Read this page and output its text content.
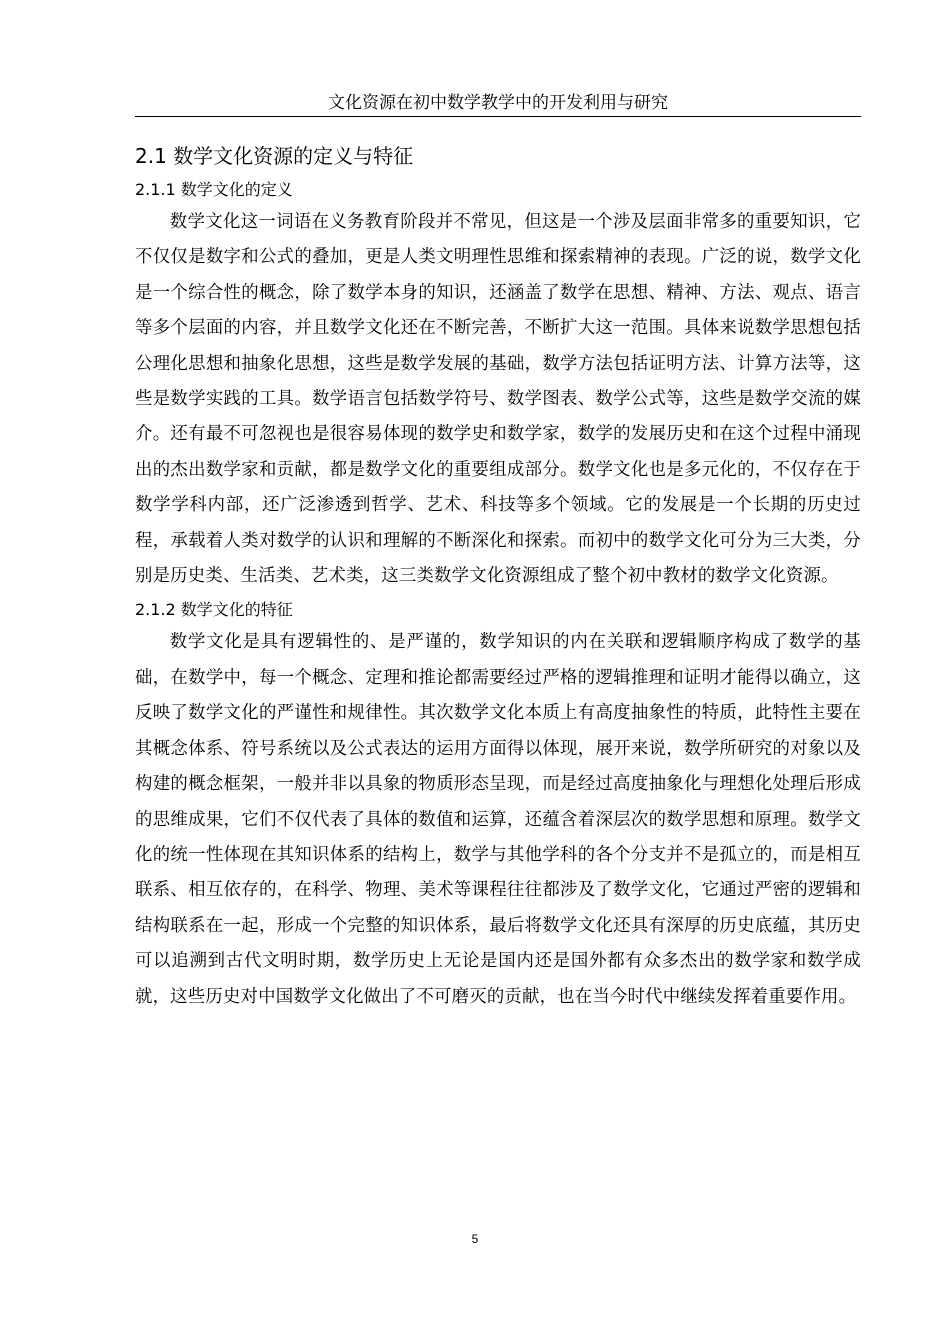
文化资源在初中数学教学中的开发利用与研究
2.1 数学文化资源的定义与特征
2.1.1 数学文化的定义

数学文化这一词语在义务教育阶段并不常见，但这是一个涉及层面非常多的重要知识，它不仅仅是数字和公式的叠加，更是人类文明理性思维和探索精神的表现。广泛的说，数学文化是一个综合性的概念，除了数学本身的知识，还涵盖了数学在思想、精神、方法、观点、语言等多个层面的内容，并且数学文化还在不断完善，不断扩大这一范围。具体来说数学思想包括公理化思想和抽象化思想，这些是数学发展的基础，数学方法包括证明方法、计算方法等，这些是数学实践的工具。数学语言包括数学符号、数学图表、数学公式等，这些是数学交流的媒介。还有最不可忽视也是很容易体现的数学史和数学家，数学的发展历史和在这个过程中涌现出的杰出数学家和贡献，都是数学文化的重要组成部分。数学文化也是多元化的，不仅存在于数学学科内部，还广泛渗透到哲学、艺术、科技等多个领域。它的发展是一个长期的历史过程，承载着人类对数学的认识和理解的不断深化和探索。而初中的数学文化可分为三大类，分别是历史类、生活类、艺术类，这三类数学文化资源组成了整个初中教材的数学文化资源。

2.1.2 数学文化的特征

数学文化是具有逻辑性的、是严谨的，数学知识的内在关联和逻辑顺序构成了数学的基础，在数学中，每一个概念、定理和推论都需要经过严格的逻辑推理和证明才能得以确立，这反映了数学文化的严谨性和规律性。其次数学文化本质上有高度抽象性的特质，此特性主要在其概念体系、符号系统以及公式表达的运用方面得以体现，展开来说，数学所研究的对象以及构建的概念框架，一般并非以具象的物质形态呈现，而是经过高度抽象化与理想化处理后形成的思维成果，它们不仅代表了具体的数值和运算，还蕴含着深层次的数学思想和原理。数学文化的统一性体现在其知识体系的结构上，数学与其他学科的各个分支并不是孤立的，而是相互联系、相互依存的，在科学、物理、美术等课程往往都涉及了数学文化，它通过严密的逻辑和结构联系在一起，形成一个完整的知识体系，最后将数学文化还具有深厚的历史底蕴，其历史可以追溯到古代文明时期，数学历史上无论是国内还是国外都有众多杰出的数学家和数学成就，这些历史对中国数学文化做出了不可磨灭的贡献，也在当今时代中继续发挥着重要作用。

5
